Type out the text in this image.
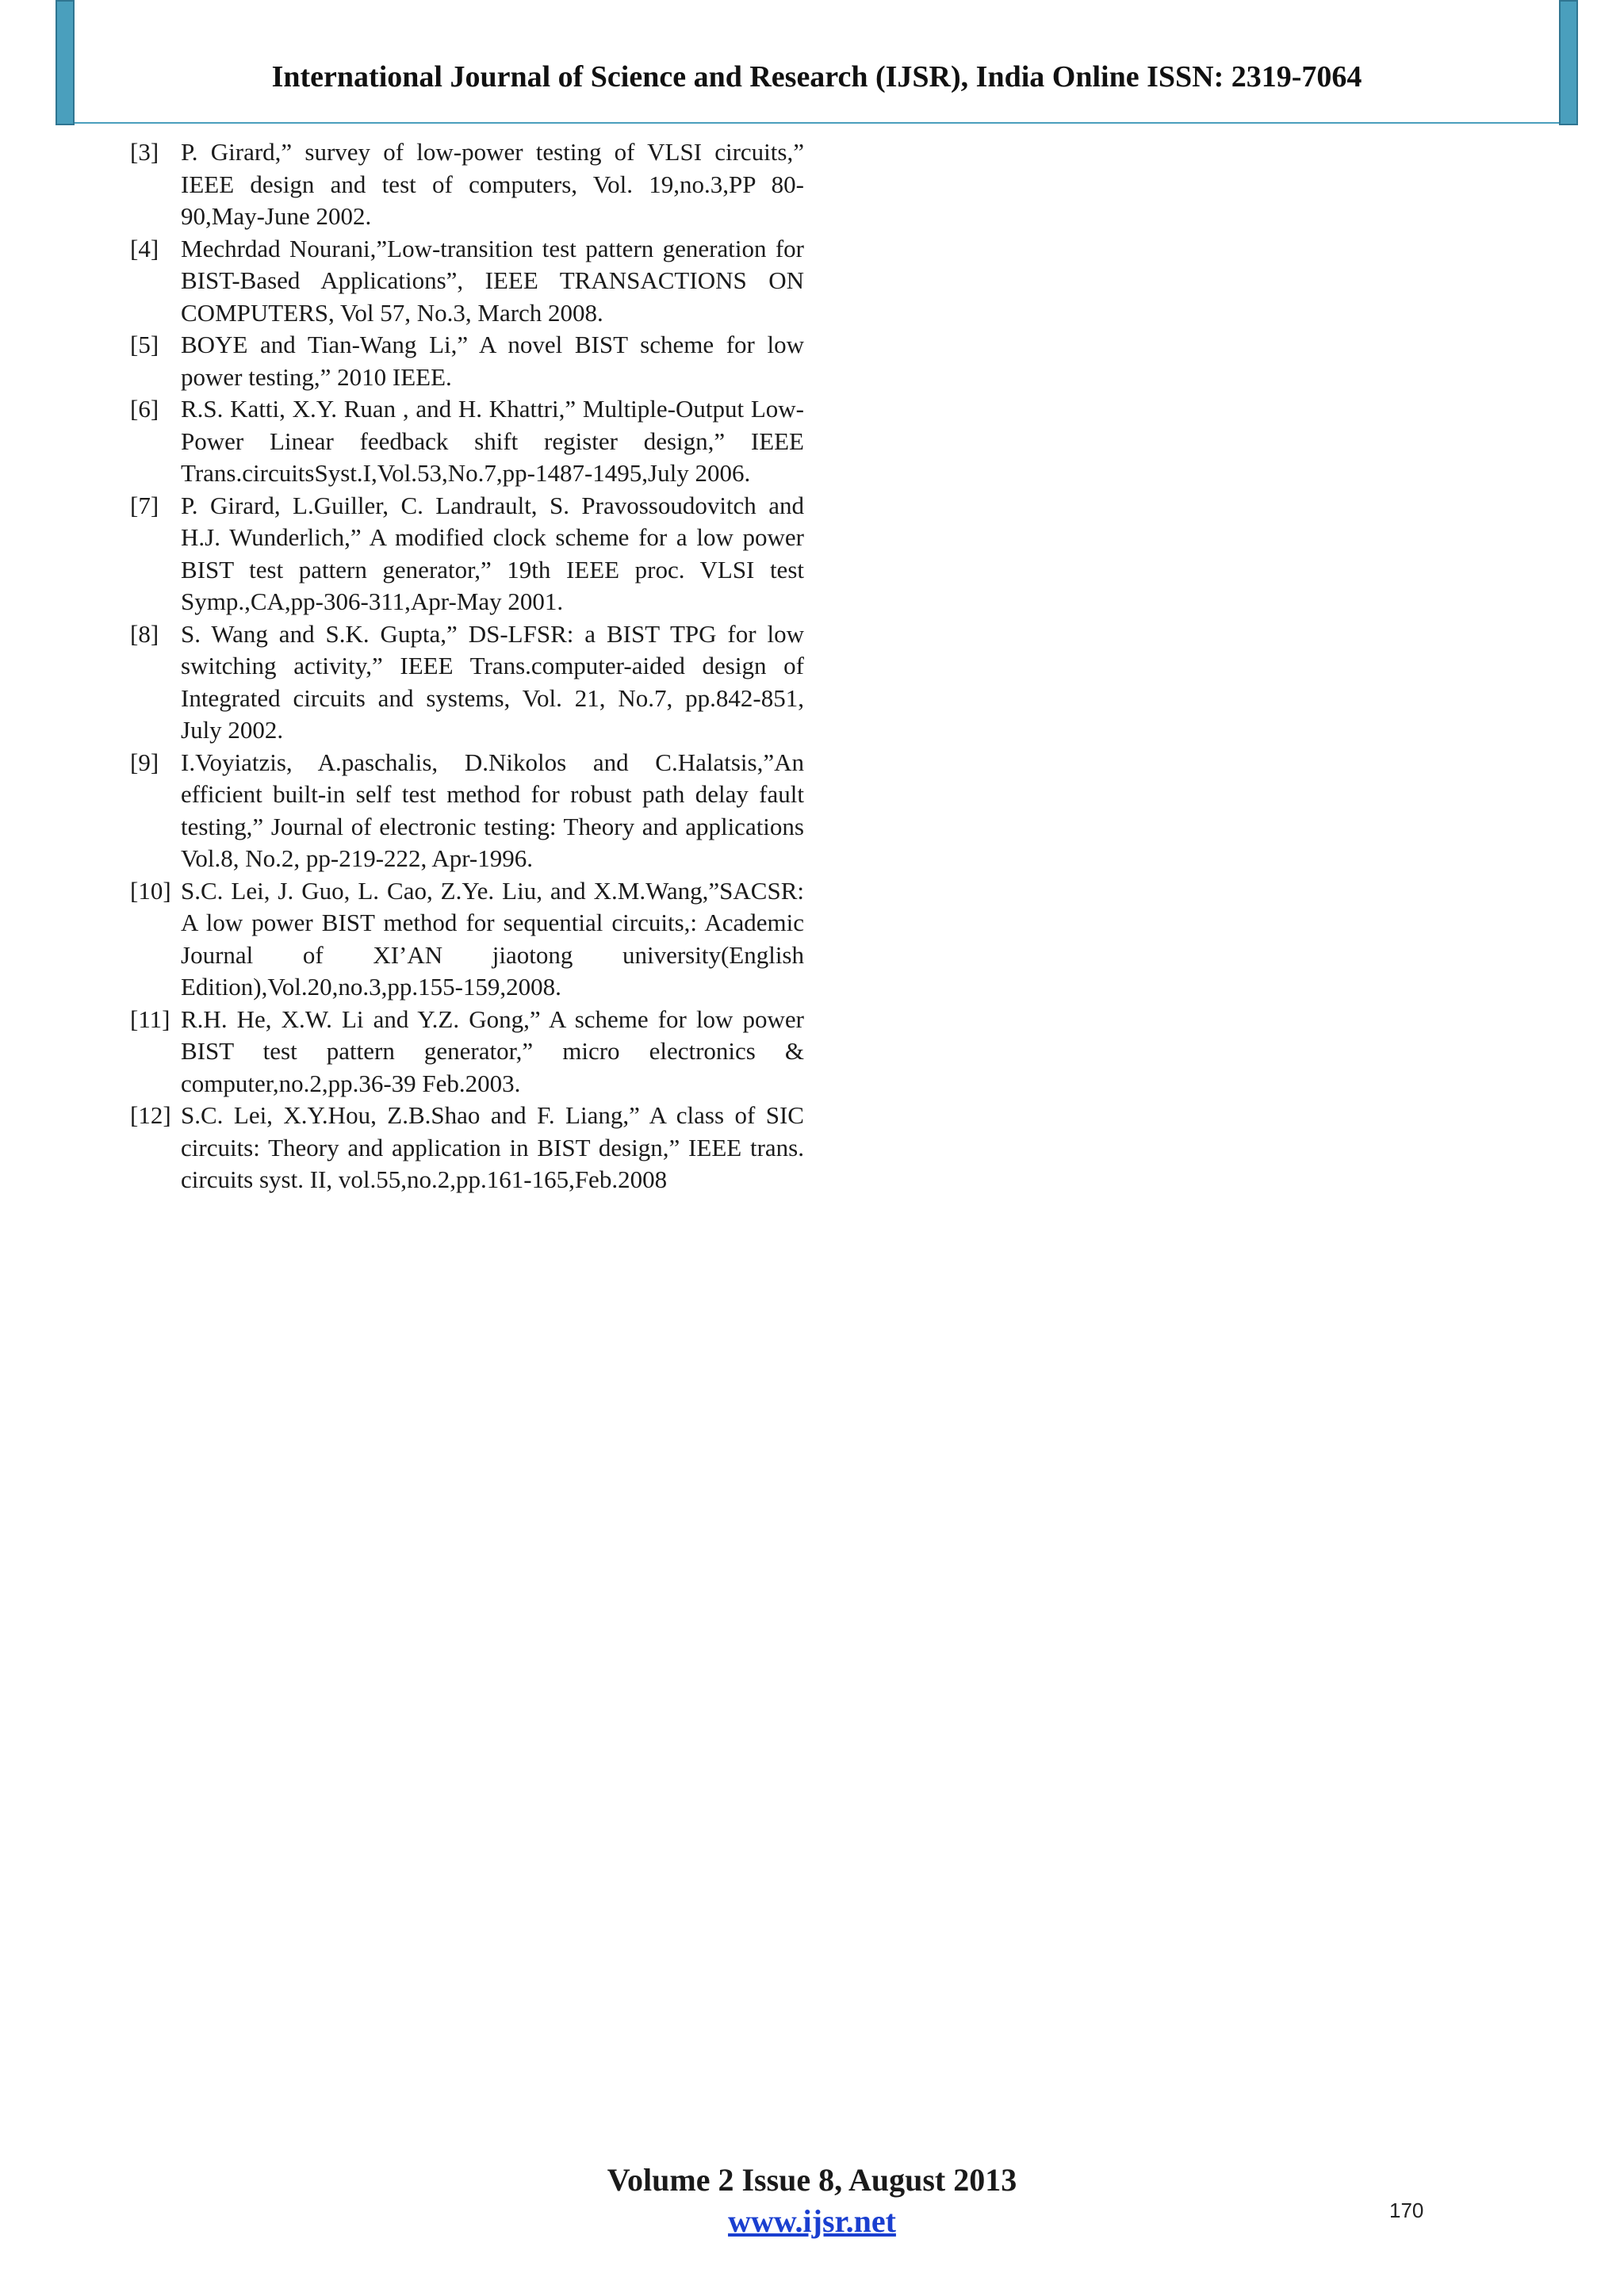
International Journal of Science and Research (IJSR), India Online ISSN: 2319-7064
[3] P. Girard,” survey of low-power testing of VLSI circuits,” IEEE design and test of computers, Vol. 19,no.3,PP 80-90,May-June 2002.
[4] Mechrdad Nourani,”Low-transition test pattern generation for BIST-Based Applications”, IEEE TRANSACTIONS ON COMPUTERS, Vol 57, No.3, March 2008.
[5] BOYE and Tian-Wang Li,” A novel BIST scheme for low power testing,” 2010 IEEE.
[6] R.S. Katti, X.Y. Ruan , and H. Khattri,” Multiple-Output Low-Power Linear feedback shift register design,” IEEE Trans.circuitsSyst.I,Vol.53,No.7,pp-1487-1495,July 2006.
[7] P. Girard, L.Guiller, C. Landrault, S. Pravossoudovitch and H.J. Wunderlich,” A modified clock scheme for a low power BIST test pattern generator,” 19th IEEE proc. VLSI test Symp.,CA,pp-306-311,Apr-May 2001.
[8] S. Wang and S.K. Gupta,” DS-LFSR: a BIST TPG for low switching activity,” IEEE Trans.computer-aided design of Integrated circuits and systems, Vol. 21, No.7, pp.842-851, July 2002.
[9] I.Voyiatzis, A.paschalis, D.Nikolos and C.Halatsis,”An efficient built-in self test method for robust path delay fault testing,” Journal of electronic testing: Theory and applications Vol.8, No.2, pp-219-222, Apr-1996.
[10] S.C. Lei, J. Guo, L. Cao, Z.Ye. Liu, and X.M.Wang,”SACSR: A low power BIST method for sequential circuits,: Academic Journal of XI’AN jiaotong university(English Edition),Vol.20,no.3,pp.155-159,2008.
[11] R.H. He, X.W. Li and Y.Z. Gong,” A scheme for low power BIST test pattern generator,” micro electronics & computer,no.2,pp.36-39 Feb.2003.
[12] S.C. Lei, X.Y.Hou, Z.B.Shao and F. Liang,” A class of SIC circuits: Theory and application in BIST design,” IEEE trans. circuits syst. II, vol.55,no.2,pp.161-165,Feb.2008
Volume 2 Issue 8, August 2013
www.ijsr.net	170
